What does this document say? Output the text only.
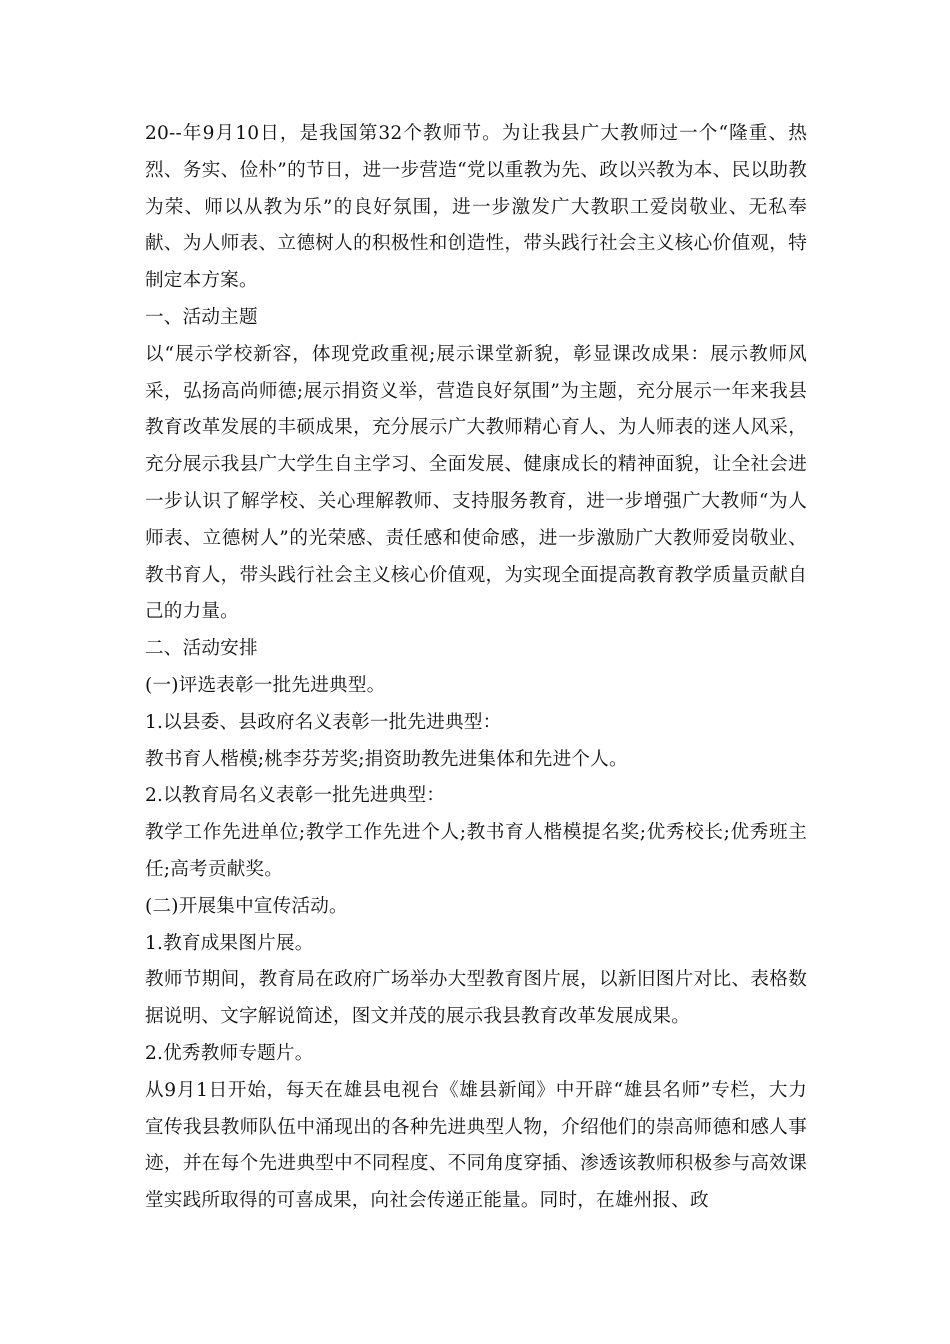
20--年9月10日，是我国第32个教师节。为让我县广大教师过一个“隆重、热烈、务实、俭朴”的节日，进一步营造“党以重教为先、政以兴教为本、民以助教为荣、师以从教为乐”的良好氛围，进一步激发广大教职工爱岗敬业、无私奉献、为人师表、立德树人的积极性和创造性，带头践行社会主义核心价值观，特制定本方案。

一、活动主题

以“展示学校新容，体现党政重视;展示课堂新貌，彰显课改成果：展示教师风采，弘扬高尚师德;展示捐资义举，营造良好氛围”为主题，充分展示一年来我县教育改革发展的丰硕成果，充分展示广大教师精心育人、为人师表的迷人风采，充分展示我县广大学生自主学习、全面发展、健康成长的精神面貌，让全社会进一步认识了解学校、关心理解教师、支持服务教育，进一步增强广大教师“为人师表、立德树人”的光荣感、责任感和使命感，进一步激励广大教师爱岗敬业、教书育人，带头践行社会主义核心价值观，为实现全面提高教育教学质量贡献自己的力量。

二、活动安排

(一)评选表彰一批先进典型。

1.以县委、县政府名义表彰一批先进典型：

教书育人楷模;桃李芬芳奖;捐资助教先进集体和先进个人。

2.以教育局名义表彰一批先进典型：

教学工作先进单位;教学工作先进个人;教书育人楷模提名奖;优秀校长;优秀班主任;高考贡献奖。

(二)开展集中宣传活动。

1.教育成果图片展。

教师节期间，教育局在政府广场举办大型教育图片展，以新旧图片对比、表格数据说明、文字解说简述，图文并茂的展示我县教育改革发展成果。

2.优秀教师专题片。

从9月1日开始，每天在雄县电视台《雄县新闻》中开辟“雄县名师”专栏，大力宣传我县教师队伍中涌现出的各种先进典型人物，介绍他们的崇高师德和感人事迹，并在每个先进典型中不同程度、不同角度穿插、渗透该教师积极参与高效课堂实践所取得的可喜成果，向社会传递正能量。同时，在雄州报、政
